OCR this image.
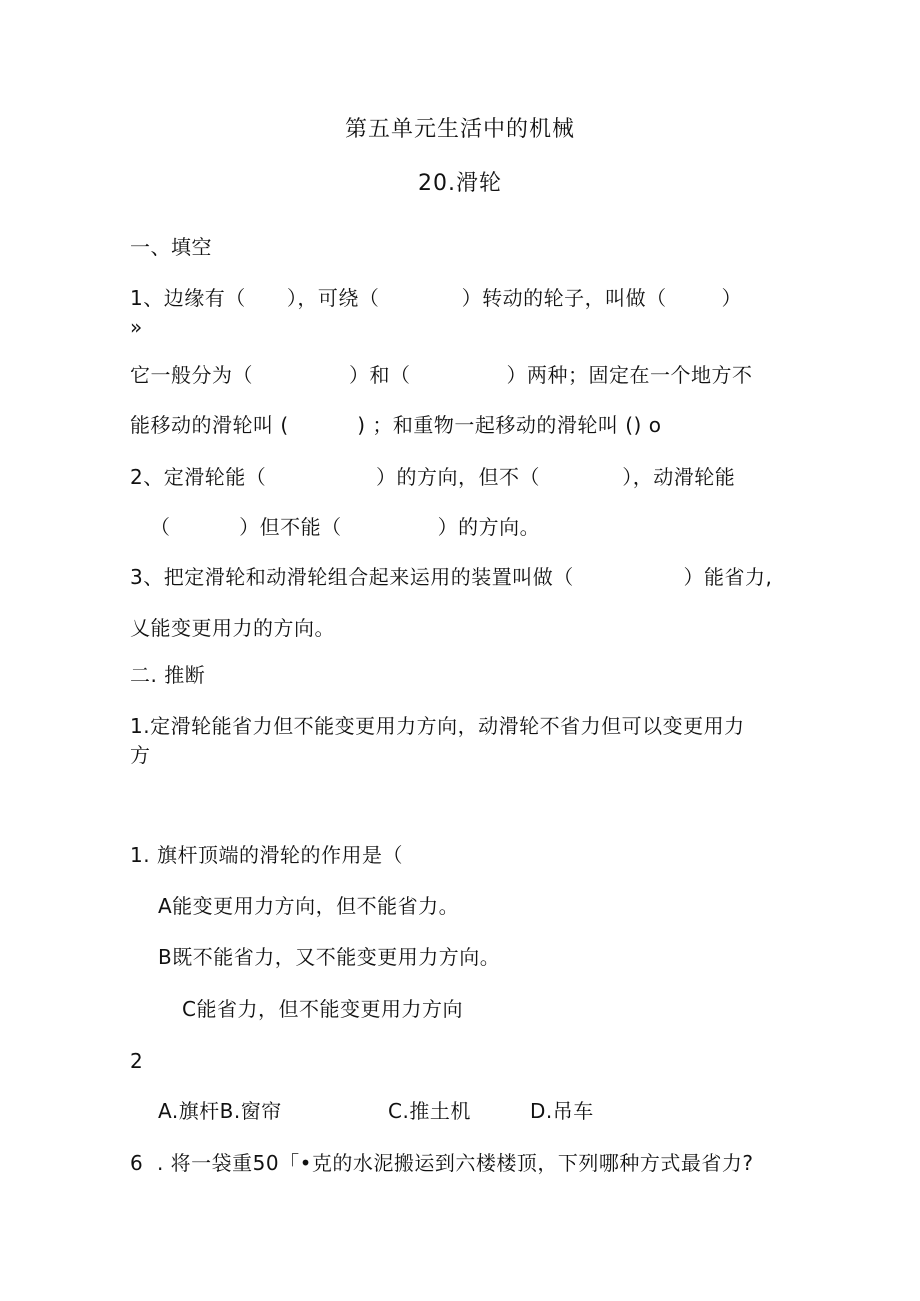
第五单元生活中的机械
20.滑轮
一、填空
1、边缘有（      ），可绕（            ）转动的轮子，叫做（        ）
»
它一般分为（              ）和（              ）两种；固定在一个地方不
能移动的滑轮叫 (          ) ；和重物一起移动的滑轮叫 () o
2、定滑轮能（                ）的方向，但不（            ），动滑轮能
（          ）但不能（              ）的方向。
3、把定滑轮和动滑轮组合起来运用的装置叫做（                ）能省力,
乂能变更用力的方向。
二. 推断
1.定滑轮能省力但不能变更用力方向，动滑轮不省力但可以变更用力
方
1. 旗杆顶端的滑轮的作用是（
A能变更用力方向，但不能省力。
B既不能省力，又不能变更用力方向。
C能省力，但不能变更用力方向
2
A.旗杆B.窗帘	C.推土机	D.吊车
6  . 将一袋重50「•克的水泥搬运到六楼楼顶，下列哪种方式最省力?
